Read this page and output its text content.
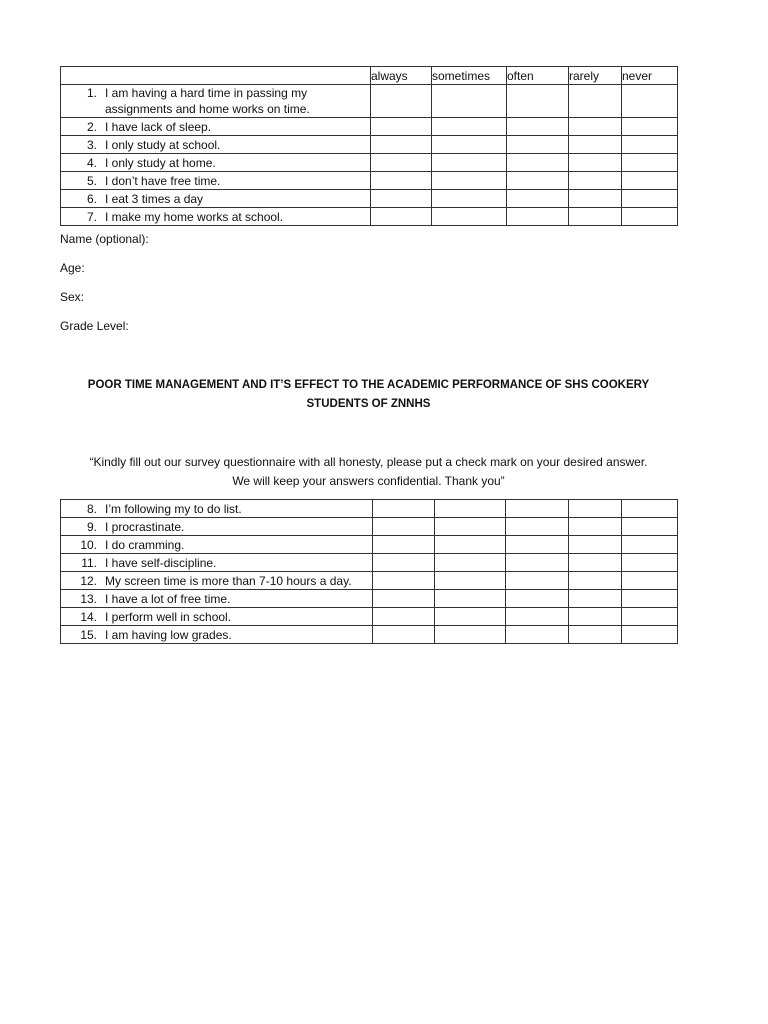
	always	sometimes	often	rarely	never

1. I am having a hard time in passing my assignments and home works on time.					

2. I have lack of sleep.					

3. I only study at school.					

4. I only study at home.					

5. I don’t have free time.					

6. I eat 3 times a day					

7. I make my home works at school.					

Name (optional):
Age:
Sex:
Grade Level:
POOR TIME MANAGEMENT AND IT’S EFFECT TO THE ACADEMIC PERFORMANCE OF SHS COOKERY
STUDENTS OF ZNNHS
“Kindly fill out our survey questionnaire with all honesty, please put a check mark on your desired answer.
We will keep your answers confidential. Thank you”
8. I’m following my to do list.					

9. I procrastinate.					

10. I do cramming.					

11. I have self-discipline.					

12. My screen time is more than 7-10 hours a day.					

13. I have a lot of free time.					

14. I perform well in school.					

15. I am having low grades.					
